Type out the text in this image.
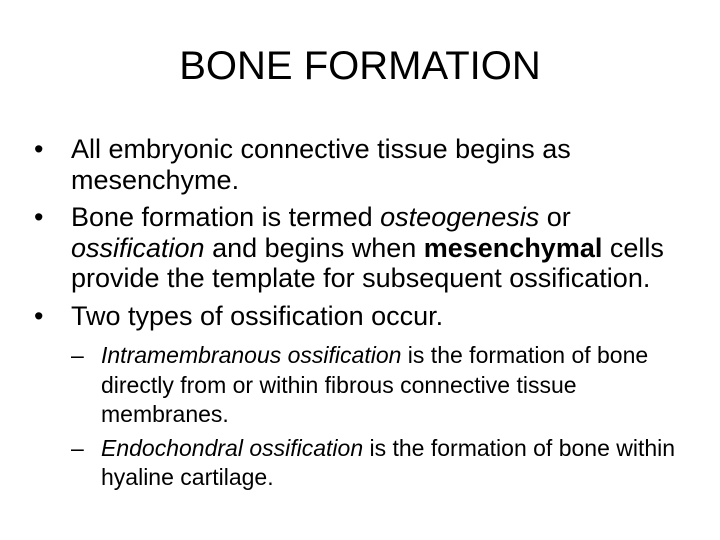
BONE FORMATION
• All embryonic connective tissue begins as mesenchyme.
• Bone formation is termed osteogenesis or ossification and begins when mesenchymal cells provide the template for subsequent ossification.
• Two types of ossification occur.
– Intramembranous ossification is the formation of bone directly from or within fibrous connective tissue membranes.
– Endochondral ossification is the formation of bone within hyaline cartilage.
